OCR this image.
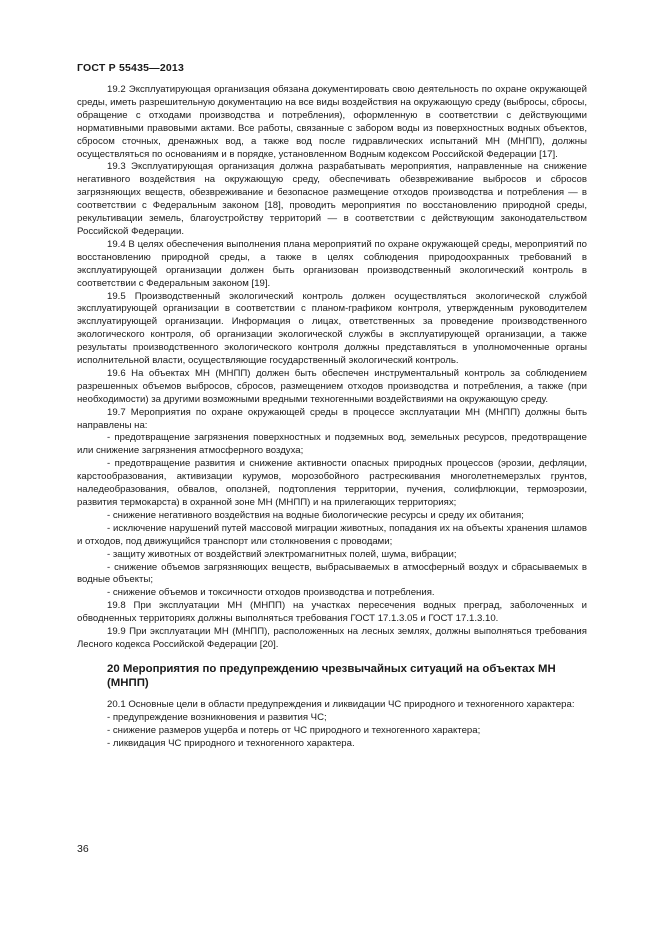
ГОСТ Р 55435—2013

19.2 Эксплуатирующая организация обязана документировать свою деятельность по охране окружающей среды, иметь разрешительную документацию на все виды воздействия на окружающую среду (выбросы, сбросы, обращение с отходами производства и потребления), оформленную в соответствии с действующими нормативными правовыми актами. Все работы, связанные с забором воды из поверхностных водных объектов, сбросом сточных, дренажных вод, а также вод после гидравлических испытаний МН (МНПП), должны осуществляться по основаниям и в порядке, установленном Водным кодексом Российской Федерации [17].

19.3 Эксплуатирующая организация должна разрабатывать мероприятия, направленные на снижение негативного воздействия на окружающую среду, обеспечивать обезвреживание выбросов и сбросов загрязняющих веществ, обезвреживание и безопасное размещение отходов производства и потребления — в соответствии с Федеральным законом [18], проводить мероприятия по восстановлению природной среды, рекультивации земель, благоустройству территорий — в соответствии с действующим законодательством Российской Федерации.

19.4 В целях обеспечения выполнения плана мероприятий по охране окружающей среды, мероприятий по восстановлению природной среды, а также в целях соблюдения природоохранных требований в эксплуатирующей организации должен быть организован производственный экологический контроль в соответствии с Федеральным законом [19].

19.5 Производственный экологический контроль должен осуществляться экологической службой эксплуатирующей организации в соответствии с планом-графиком контроля, утвержденным руководителем эксплуатирующей организации. Информация о лицах, ответственных за проведение производственного экологического контроля, об организации экологической службы в эксплуатирующей организации, а также результаты производственного экологического контроля должны представляться в уполномоченные органы исполнительной власти, осуществляющие государственный экологический контроль.

19.6 На объектах МН (МНПП) должен быть обеспечен инструментальный контроль за соблюдением разрешенных объемов выбросов, сбросов, размещением отходов производства и потребления, а также (при необходимости) за другими возможными вредными техногенными воздействиями на окружающую среду.

19.7 Мероприятия по охране окружающей среды в процессе эксплуатации МН (МНПП) должны быть направлены на:

- предотвращение загрязнения поверхностных и подземных вод, земельных ресурсов, предотвращение или снижение загрязнения атмосферного воздуха;

- предотвращение развития и снижение активности опасных природных процессов (эрозии, дефляции, карстообразования, активизации курумов, морозобойного растрескивания многолетнемерзлых грунтов, наледеобразования, обвалов, оползней, подтопления территории, пучения, солифлюкции, термоэрозии, развития термокарста) в охранной зоне МН (МНПП) и на прилегающих территориях;

- снижение негативного воздействия на водные биологические ресурсы и среду их обитания;

- исключение нарушений путей массовой миграции животных, попадания их на объекты хранения шламов и отходов, под движущийся транспорт или столкновения с проводами;

- защиту животных от воздействий электромагнитных полей, шума, вибрации;

- снижение объемов загрязняющих веществ, выбрасываемых в атмосферный воздух и сбрасываемых в водные объекты;

- снижение объемов и токсичности отходов производства и потребления.

19.8 При эксплуатации МН (МНПП) на участках пересечения водных преград, заболоченных и обводненных территориях должны выполняться требования ГОСТ 17.1.3.05 и ГОСТ 17.1.3.10.

19.9 При эксплуатации МН (МНПП), расположенных на лесных землях, должны выполняться требования Лесного кодекса Российской Федерации [20].

20 Мероприятия по предупреждению чрезвычайных ситуаций на объектах МН (МНПП)

20.1 Основные цели в области предупреждения и ликвидации ЧС природного и техногенного характера:

- предупреждение возникновения и развития ЧС;

- снижение размеров ущерба и потерь от ЧС природного и техногенного характера;

- ликвидация ЧС природного и техногенного характера.

36
